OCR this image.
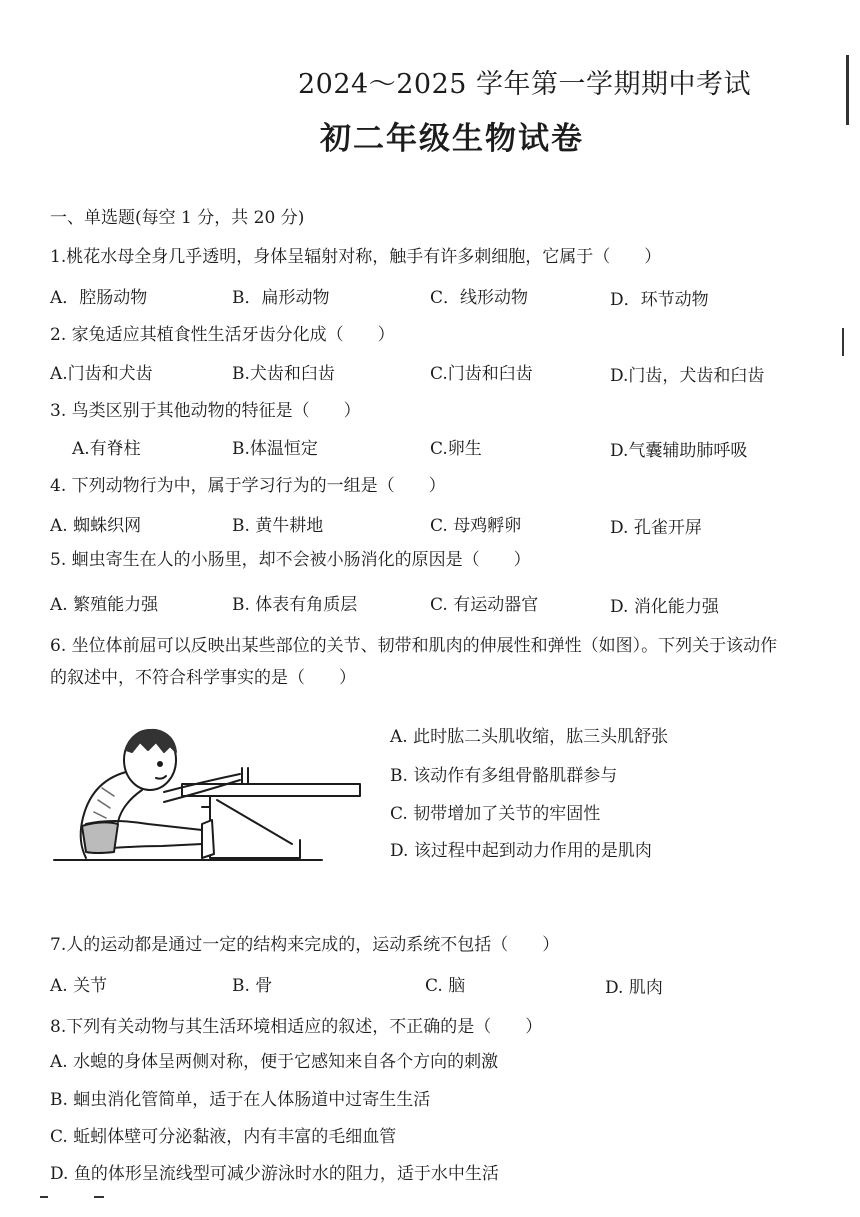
2024～2025 学年第一学期期中考试
初二年级生物试卷
一、单选题(每空 1 分，共 20 分)
1.桃花水母全身几乎透明，身体呈辐射对称，触手有许多刺细胞，它属于（　　）
A．腔肠动物	B．扁形动物	C．线形动物	D．环节动物
2. 家兔适应其植食性生活牙齿分化成（　　）
A.门齿和犬齿	B.犬齿和臼齿	C.门齿和臼齿	D.门齿，犬齿和臼齿
3. 鸟类区别于其他动物的特征是（　　）
A.有脊柱	B.体温恒定	C.卵生	D.气囊辅助肺呼吸
4. 下列动物行为中，属于学习行为的一组是（　　）
A. 蜘蛛织网	B. 黄牛耕地	C. 母鸡孵卵	D. 孔雀开屏
5. 蛔虫寄生在人的小肠里，却不会被小肠消化的原因是（　　）
A. 繁殖能力强	B. 体表有角质层	C. 有运动器官	D. 消化能力强
6. 坐位体前屈可以反映出某些部位的关节、韧带和肌肉的伸展性和弹性（如图）。下列关于该动作
的叙述中，不符合科学事实的是（　　）
A. 此时肱二头肌收缩，肱三头肌舒张
B. 该动作有多组骨骼肌群参与
C. 韧带增加了关节的牢固性
D. 该过程中起到动力作用的是肌肉
7.人的运动都是通过一定的结构来完成的，运动系统不包括（　　）
A. 关节	B. 骨	C. 脑	D. 肌肉
8.下列有关动物与其生活环境相适应的叙述，不正确的是（　　）
A. 水螅的身体呈两侧对称，便于它感知来自各个方向的刺激
B. 蛔虫消化管简单，适于在人体肠道中过寄生生活
C. 蚯蚓体壁可分泌黏液，内有丰富的毛细血管
D. 鱼的体形呈流线型可减少游泳时水的阻力，适于水中生活
